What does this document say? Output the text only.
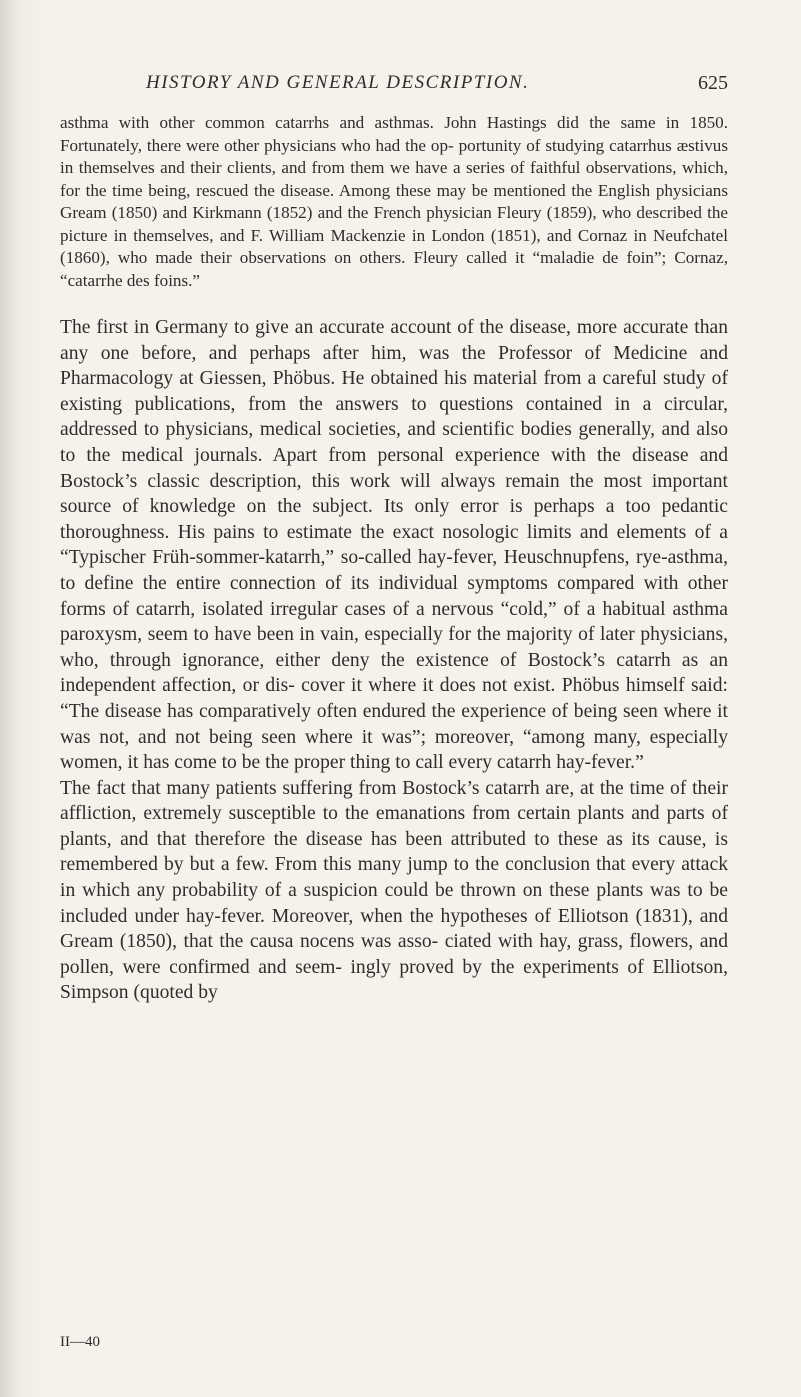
HISTORY AND GENERAL DESCRIPTION.	625

asthma with other common catarrhs and asthmas. John Hastings did the same in 1850. Fortunately, there were other physicians who had the op- portunity of studying catarrhus æstivus in themselves and their clients, and from them we have a series of faithful observations, which, for the time being, rescued the disease. Among these may be mentioned the English physicians Gream (1850) and Kirkmann (1852) and the French physician Fleury (1859), who described the picture in themselves, and F. William Mackenzie in London (1851), and Cornaz in Neufchatel (1860), who made their observations on others. Fleury called it “maladie de foin”; Cornaz, “catarrhe des foins.”

The first in Germany to give an accurate account of the disease, more accurate than any one before, and perhaps after him, was the Professor of Medicine and Pharmacology at Giessen, Phöbus. He obtained his material from a careful study of existing publications, from the answers to questions contained in a circular, addressed to physicians, medical societies, and scientific bodies generally, and also to the medical journals. Apart from personal experience with the disease and Bostock’s classic description, this work will always remain the most important source of knowledge on the subject. Its only error is perhaps a too pedantic thoroughness. His pains to estimate the exact nosologic limits and elements of a “Typischer Früh-sommer-katarrh,” so-called hay-fever, Heuschnupfens, rye-asthma, to define the entire connection of its individual symptoms compared with other forms of catarrh, isolated irregular cases of a nervous “cold,” of a habitual asthma paroxysm, seem to have been in vain, especially for the majority of later physicians, who, through ignorance, either deny the existence of Bostock’s catarrh as an independent affection, or dis- cover it where it does not exist. Phöbus himself said: “The disease has comparatively often endured the experience of being seen where it was not, and not being seen where it was”; moreover, “among many, especially women, it has come to be the proper thing to call every catarrh hay-fever.”

The fact that many patients suffering from Bostock’s catarrh are, at the time of their affliction, extremely susceptible to the emanations from certain plants and parts of plants, and that therefore the disease has been attributed to these as its cause, is remembered by but a few. From this many jump to the conclusion that every attack in which any probability of a suspicion could be thrown on these plants was to be included under hay-fever. Moreover, when the hypotheses of Elliotson (1831), and Gream (1850), that the causa nocens was asso- ciated with hay, grass, flowers, and pollen, were confirmed and seem- ingly proved by the experiments of Elliotson, Simpson (quoted by

II—40
